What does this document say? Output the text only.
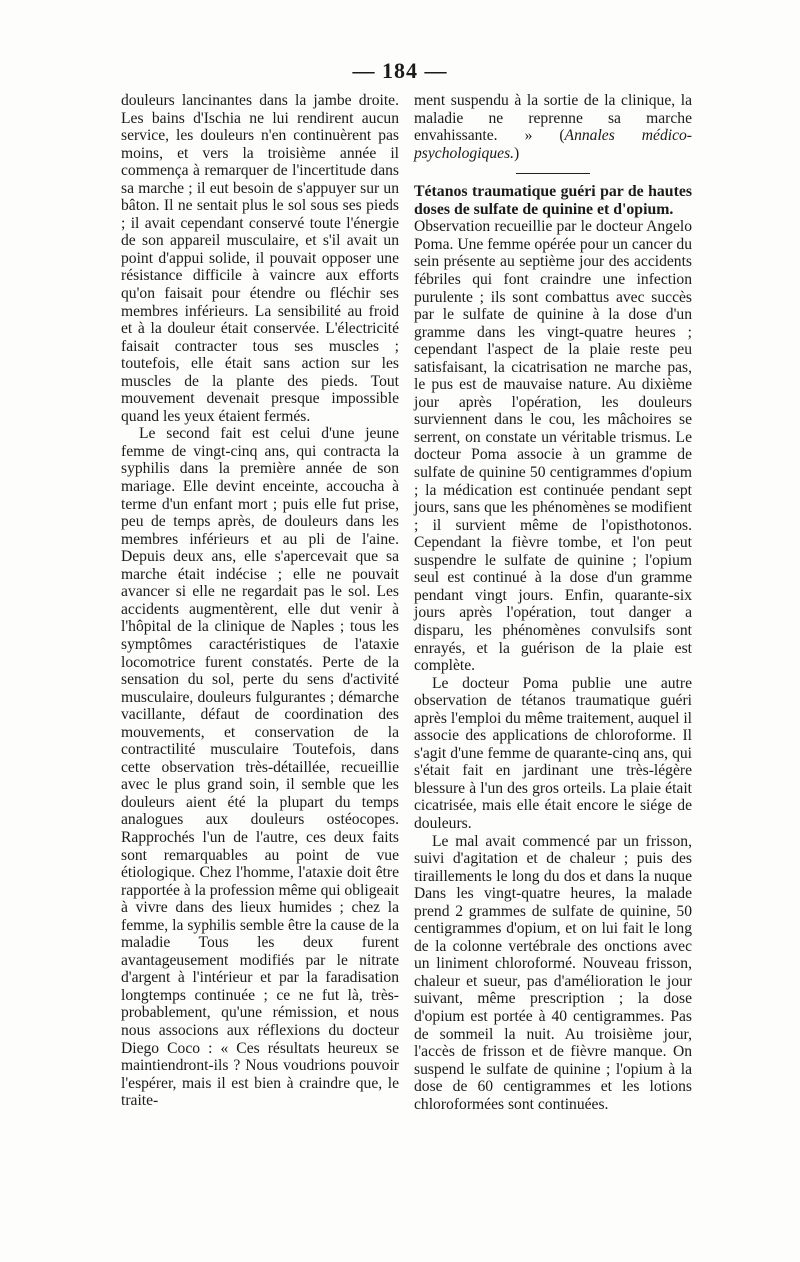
— 184 —

douleurs lancinantes dans la jambe droite. Les bains d'Ischia ne lui rendirent aucun service, les douleurs n'en continuèrent pas moins, et vers la troisième année il commença à remarquer de l'incertitude dans sa marche ; il eut besoin de s'appuyer sur un bâton. Il ne sentait plus le sol sous ses pieds ; il avait cependant conservé toute l'énergie de son appareil musculaire, et s'il avait un point d'appui solide, il pouvait opposer une résistance difficile à vaincre aux efforts qu'on faisait pour étendre ou fléchir ses membres inférieurs. La sensibilité au froid et à la douleur était conservée. L'électricité faisait contracter tous ses muscles ; toutefois, elle était sans action sur les muscles de la plante des pieds. Tout mouvement devenait presque impossible quand les yeux étaient fermés.

Le second fait est celui d'une jeune femme de vingt-cinq ans, qui contracta la syphilis dans la première année de son mariage. Elle devint enceinte, accoucha à terme d'un enfant mort ; puis elle fut prise, peu de temps après, de douleurs dans les membres inférieurs et au pli de l'aine. Depuis deux ans, elle s'apercevait que sa marche était indécise ; elle ne pouvait avancer si elle ne regardait pas le sol. Les accidents augmentèrent, elle dut venir à l'hôpital de la clinique de Naples ; tous les symptômes caractéristiques de l'ataxie locomotrice furent constatés. Perte de la sensation du sol, perte du sens d'activité musculaire, douleurs fulgurantes ; démarche vacillante, défaut de coordination des mouvements, et conservation de la contractilité musculaire Toutefois, dans cette observation très-détaillée, recueillie avec le plus grand soin, il semble que les douleurs aient été la plupart du temps analogues aux douleurs ostéocopes. Rapprochés l'un de l'autre, ces deux faits sont remarquables au point de vue étiologique. Chez l'homme, l'ataxie doit être rapportée à la profession même qui obligeait à vivre dans des lieux humides ; chez la femme, la syphilis semble être la cause de la maladie Tous les deux furent avantageusement modifiés par le nitrate d'argent à l'intérieur et par la faradisation longtemps continuée ; ce ne fut là, très-probablement, qu'une rémission, et nous nous associons aux réflexions du docteur Diego Coco : « Ces résultats heureux se maintiendront-ils ? Nous voudrions pouvoir l'espérer, mais il est bien à craindre que, le traite-

ment suspendu à la sortie de la clinique, la maladie ne reprenne sa marche envahissante. » (Annales médico-psychologiques.)

Tétanos traumatique guéri par de hautes doses de sulfate de quinine et d'opium.

Observation recueillie par le docteur Angelo Poma. Une femme opérée pour un cancer du sein présente au septième jour des accidents fébriles qui font craindre une infection purulente ; ils sont combattus avec succès par le sulfate de quinine à la dose d'un gramme dans les vingt-quatre heures ; cependant l'aspect de la plaie reste peu satisfaisant, la cicatrisation ne marche pas, le pus est de mauvaise nature. Au dixième jour après l'opération, les douleurs surviennent dans le cou, les mâchoires se serrent, on constate un véritable trismus. Le docteur Poma associe à un gramme de sulfate de quinine 50 centigrammes d'opium ; la médication est continuée pendant sept jours, sans que les phénomènes se modifient ; il survient même de l'opisthotonos. Cependant la fièvre tombe, et l'on peut suspendre le sulfate de quinine ; l'opium seul est continué à la dose d'un gramme pendant vingt jours. Enfin, quarante-six jours après l'opération, tout danger a disparu, les phénomènes convulsifs sont enrayés, et la guérison de la plaie est complète.

Le docteur Poma publie une autre observation de tétanos traumatique guéri après l'emploi du même traitement, auquel il associe des applications de chloroforme. Il s'agit d'une femme de quarante-cinq ans, qui s'était fait en jardinant une très-légère blessure à l'un des gros orteils. La plaie était cicatrisée, mais elle était encore le siége de douleurs.

Le mal avait commencé par un frisson, suivi d'agitation et de chaleur ; puis des tiraillements le long du dos et dans la nuque Dans les vingt-quatre heures, la malade prend 2 grammes de sulfate de quinine, 50 centigrammes d'opium, et on lui fait le long de la colonne vertébrale des onctions avec un liniment chloroformé. Nouveau frisson, chaleur et sueur, pas d'amélioration le jour suivant, même prescription ; la dose d'opium est portée à 40 centigrammes. Pas de sommeil la nuit. Au troisième jour, l'accès de frisson et de fièvre manque. On suspend le sulfate de quinine ; l'opium à la dose de 60 centigrammes et les lotions chloroformées sont continuées.
